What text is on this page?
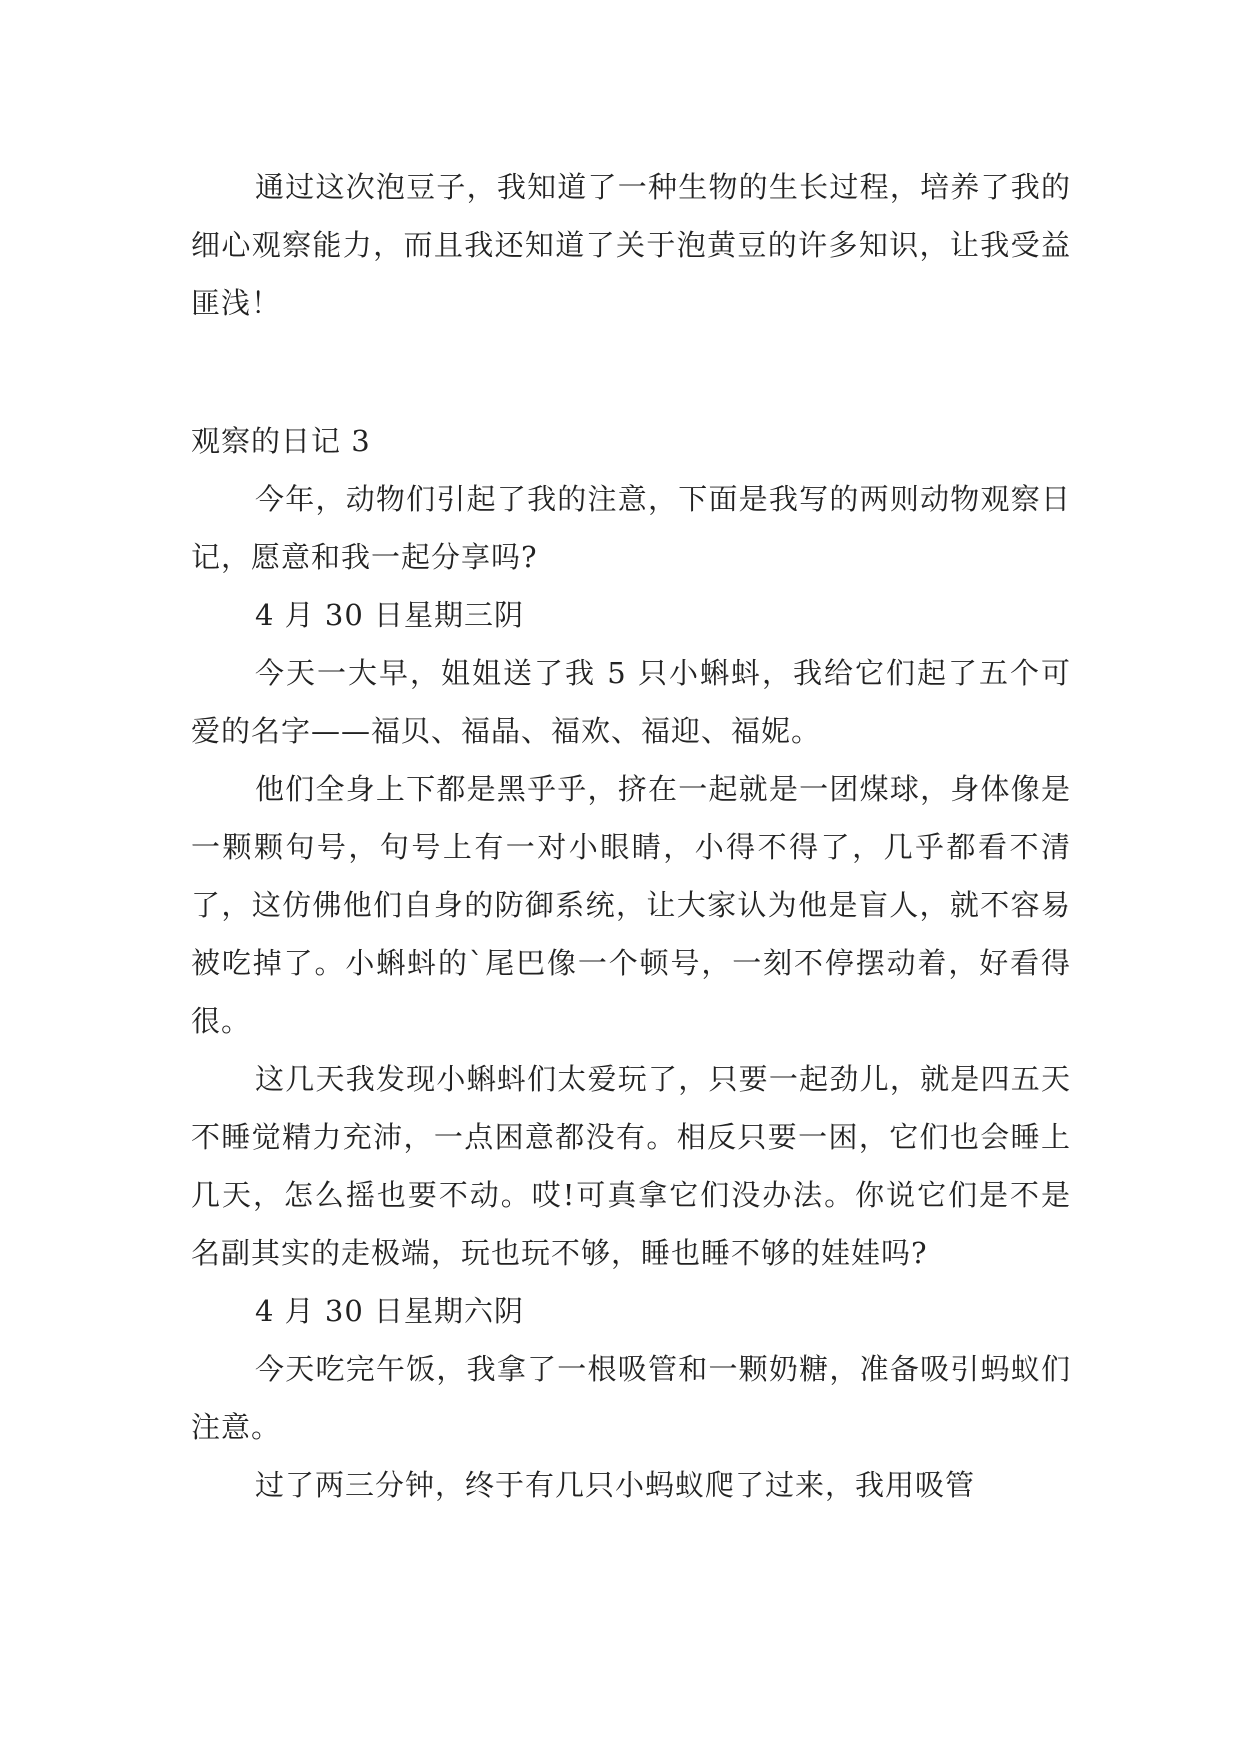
通过这次泡豆子，我知道了一种生物的生长过程，培养了我的细心观察能力，而且我还知道了关于泡黄豆的许多知识，让我受益匪浅！

观察的日记 3

今年，动物们引起了我的注意，下面是我写的两则动物观察日记，愿意和我一起分享吗?

4 月 30 日星期三阴

今天一大早，姐姐送了我 5 只小蝌蚪，我给它们起了五个可爱的名字——福贝、福晶、福欢、福迎、福妮。

他们全身上下都是黑乎乎，挤在一起就是一团煤球，身体像是一颗颗句号，句号上有一对小眼睛，小得不得了，几乎都看不清了，这仿佛他们自身的防御系统，让大家认为他是盲人，就不容易被吃掉了。小蝌蚪的`尾巴像一个顿号，一刻不停摆动着，好看得很。

这几天我发现小蝌蚪们太爱玩了，只要一起劲儿，就是四五天不睡觉精力充沛，一点困意都没有。相反只要一困，它们也会睡上几天，怎么摇也要不动。哎!可真拿它们没办法。你说它们是不是名副其实的走极端，玩也玩不够，睡也睡不够的娃娃吗?

4 月 30 日星期六阴

今天吃完午饭，我拿了一根吸管和一颗奶糖，准备吸引蚂蚁们注意。

过了两三分钟，终于有几只小蚂蚁爬了过来，我用吸管
